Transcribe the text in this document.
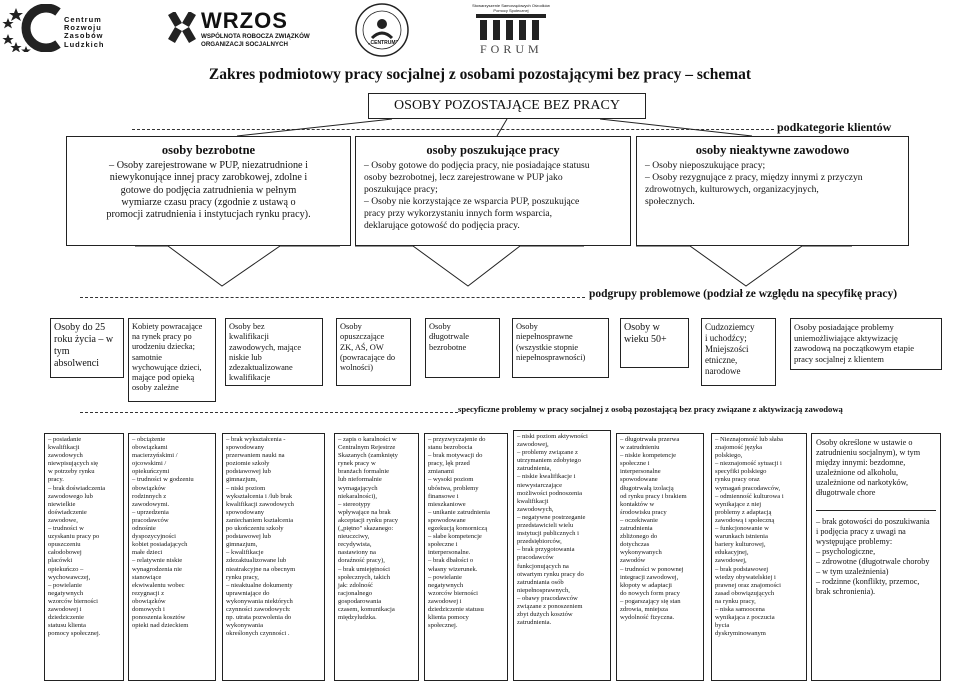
Centrum
Rozwoju
Zasobów
Ludzkich
WRZOS
WSPÓLNOTA ROBOCZA ZWIĄZKÓW
ORGANIZACJI SOCJALNYCH	„CENTRUM"
Stowarzyszenie Samorządowych Ośrodków Pomocy Społecznej
FORUM
Zakres podmiotowy pracy socjalnej z osobami pozostającymi bez pracy – schemat
OSOBY POZOSTAJĄCE BEZ PRACY
podkategorie klientów
osoby bezrobotne
– Osoby zarejestrowane w PUP, niezatrudnione i
niewykonujące innej pracy zarobkowej, zdolne i
gotowe do podjęcia zatrudnienia w pełnym
wymiarze czasu pracy (zgodnie z ustawą o
promocji zatrudnienia i instytucjach rynku pracy).
osoby poszukujące pracy
– Osoby gotowe do podjęcia pracy, nie posiadające statusu
osoby bezrobotnej, lecz zarejestrowane w PUP jako
poszukujące pracy;
– Osoby nie korzystające ze wsparcia PUP, poszukujące
pracy przy wykorzystaniu innych form wsparcia,
deklarujące gotowość do podjęcia pracy.
osoby nieaktywne zawodowo
– Osoby nieposzukujące pracy;
– Osoby rezygnujące z pracy, między innymi z przyczyn
zdrowotnych, kulturowych, organizacyjnych,
społecznych.
podgrupy problemowe (podział ze względu na specyfikę pracy)
Osoby do 25
roku życia – w
tym
absolwenci
Kobiety powracające
na rynek pracy po
urodzeniu dziecka;
samotnie
wychowujące dzieci,
mające pod opieką
osoby zależne
Osoby bez
kwalifikacji
zawodowych, mające
niskie lub
zdezaktualizowane
kwalifikacje
Osoby
opuszczające
ZK, AŚ, OW
(powracające do
wolności)
Osoby
długotrwale
bezrobotne
Osoby
niepełnosprawne
(wszystkie stopnie
niepełnosprawności)
Osoby w
wieku 50+
Cudzoziemcy
i uchodźcy;
Mniejszości
etniczne,
narodowe
Osoby posiadające problemy
uniemożliwiające aktywizację
zawodową na początkowym etapie
pracy socjalnej z klientem
specyficzne problemy w pracy socjalnej z osobą pozostającą bez pracy związane z aktywizacją zawodową
– posiadanie
kwalifikacji
zawodowych
niewpisujących się
w potrzeby rynku
pracy.
– brak doświadczenia
zawodowego lub
niewielkie
doświadczenie
zawodowe,
– trudności w
uzyskaniu pracy po
opuszczeniu
całodobowej
placówki
opiekuńczo –
wychowawczej,
– powielanie
negatywnych
wzorców bierności
zawodowej i
dziedziczenie
statusu klienta
pomocy społecznej.
– obciążenie
obowiązkami
macierzyńskimi /
ojcowskimi /
opiekuńczymi
– trudności w godzeniu
obowiązków
rodzinnych z
zawodowymi.
– uprzedzenia
pracodawców
odnośnie
dyspozycyjności
kobiet posiadających
małe dzieci
– relatywnie niskie
wynagrodzenia nie
stanowiące
ekwiwalentu wobec
rezygnacji z
obowiązków
domowych i
ponoszenia kosztów
opieki nad dzieckiem
– brak wykształcenia -
spowodowany
przerwaniem nauki na
poziomie szkoły
podstawowej lub
gimnazjum,
– niski poziom
wykształcenia i /lub brak
kwalifikacji zawodowych
spowodowany
zaniechaniem kształcenia
po ukończeniu szkoły
podstawowej lub
gimnazjum,
– kwalifikacje
zdezaktualizowane lub
nieatrakcyjne na obecnym
rynku pracy,
– nieaktualne dokumenty
uprawniające do
wykonywania niektórych
czynności zawodowych:
np. utrata pozwolenia do
wykonywania
określonych czynności .
– zapis o karalności w
Centralnym Rejestrze
Skazanych (zamknięty
rynek pracy w
branżach formalnie
lub nieformalnie
wymagających
niekaralności),
– stereotypy
wpływające na brak
akceptacji rynku pracy
(„piętno" skazanego:
nieuczciwy,
recydywista,
nastawiony na
doraźność pracy),
– brak umiejętności
społecznych, takich
jak: zdolność
racjonalnego
gospodarowania
czasem, komunikacja
międzyludzka.
– przyzwyczajenie do
stanu bezrobocia
– brak motywacji do
pracy, lęk przed
zmianami
– wysoki poziom
ubóstwa, problemy
finansowe i
mieszkaniowe
– unikanie zatrudnienia
spowodowane
egzekucją komorniczą
– słabe kompetencje
społeczne i
interpersonalne.
– brak dbałości o
własny wizerunek.
– powielanie
negatywnych
wzorców bierności
zawodowej i
dziedziczenie statusu
klienta pomocy
społecznej.
– niski poziom aktywności
zawodowej,
– problemy związane z
utrzymaniem zdobytego
zatrudnienia,
– niskie kwalifikacje i
niewystarczające
możliwości podnoszenia
kwalifikacji
zawodowych,
– negatywne postrzeganie
przedstawicieli wielu
instytucji publicznych i
przedsiębiorców,
– brak przygotowania
pracodawców
funkcjonujących na
otwartym rynku pracy do
zatrudniania osób
niepełnosprawnych,
– obawy pracodawców
związane z ponoszeniem
zbyt dużych kosztów
zatrudnienia.
– długotrwała przerwa
w zatrudnieniu
– niskie kompetencje
społeczne i
interpersonalne
spowodowane
długotrwałą izolacją
od rynku pracy i brakiem
kontaktów w
środowisku pracy
– oczekiwanie
zatrudnienia
zbliżonego do
dotychczas
wykonywanych
zawodów
– trudności w ponownej
integracji zawodowej,
kłopoty w adaptacji
do nowych form pracy
– pogarszający się stan
zdrowia, mniejsza
wydolność fizyczna.
– Nieznajomość lub słaba
znajomość języka
polskiego,
– nieznajomość sytuacji i
specyfiki polskiego
rynku pracy oraz
wymagań pracodawców,
– odmienność kulturowa i
wynikające z niej
problemy z adaptacją
zawodową i społeczną
– funkcjonowanie w
warunkach istnienia
bariery kulturowej,
edukacyjnej,
zawodowej,
– brak podstawowej
wiedzy obywatelskiej i
prawnej oraz znajomości
zasad obowiązujących
na rynku pracy,
– niska samoocena
wynikająca z poczucia
bycia
dyskryminowanym
Osoby określone w ustawie o
zatrudnieniu socjalnym), w tym
między innymi: bezdomne,
uzależnione od alkoholu,
uzależnione od narkotyków,
długotrwale chore
– brak gotowości do poszukiwania
i podjęcia pracy z uwagi na
występujące problemy:
– psychologiczne,
– zdrowotne (długotrwale choroby
– w tym uzależnienia)
– rodzinne (konflikty, przemoc,
brak schronienia).
